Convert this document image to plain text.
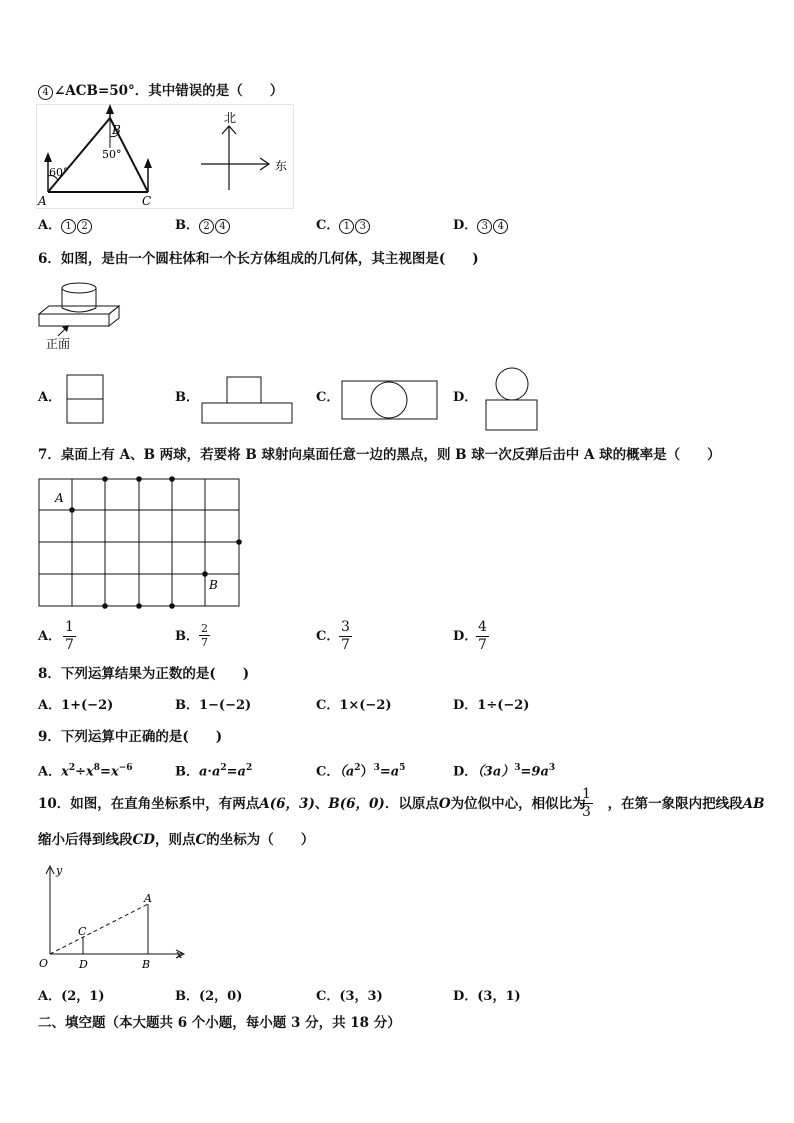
4 ∠ACB=50°．其中错误的是（　　）
A
B
C
60°
50°
北
东
A． 1 2	B． 2 4	C． 1 3	D． 3 4
6．如图，是由一个圆柱体和一个长方体组成的几何体，其主视图是(　　)
正面
A．	B．	C．	D．
7．桌面上有 A、B 两球，若要将 B 球射向桌面任意一边的黑点，则 B 球一次反弹后击中 A 球的概率是（　　）
A
B
A． $\frac{1}{7}$	B． $\frac{2}{7}$	C． $\frac{3}{7}$	D．
$\frac{4}{7}$
8．下列运算结果为正数的是(　　)
A．1+(−2)	B．1−(−2)	C．1×(−2)	D．1÷(−2)
9．下列运算中正确的是(　　)
A．$x^2\div x^8=x^{-6}$	B．$a\cdot a^2=a^2$	C．$(a^2)^3=a^5$	D．$(3a)^3=9a^3$
10．如图，在直角坐标系中，有两点A(6，3)、B(6，0)．以原点O为位似中心，相似比为 ，在第一象限内把线段AB
$\frac{1}{3}$
缩小后得到线段CD，则点C的坐标为（　　）
y
x
O
A
B
C
D
A．(2，1)	B．(2，0)	C．(3，3)	D．(3，1)
二、填空题（本大题共 6 个小题，每小题 3 分，共 18 分）
